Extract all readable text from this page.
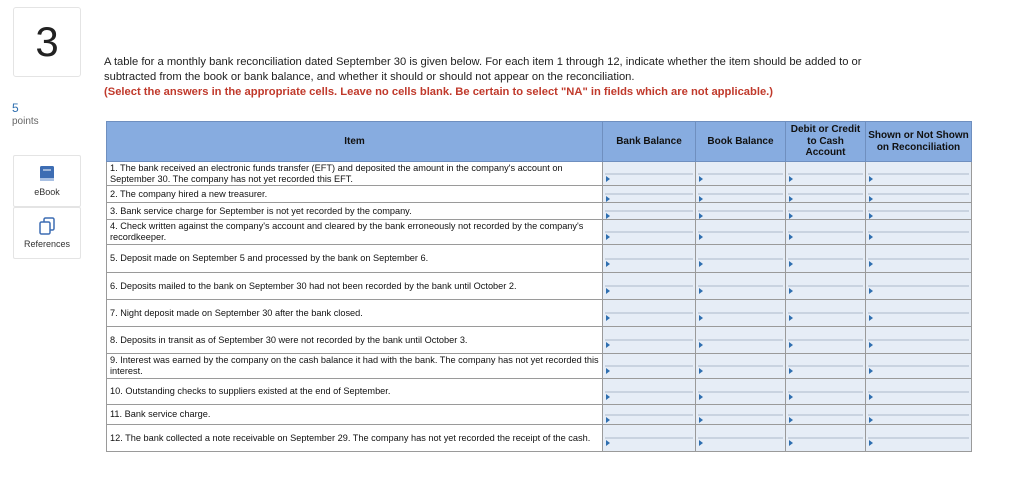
3
5
points
eBook
References
A table for a monthly bank reconciliation dated September 30 is given below. For each item 1 through 12, indicate whether the item should be added to or subtracted from the book or bank balance, and whether it should or should not appear on the reconciliation.
(Select the answers in the appropriate cells. Leave no cells blank. Be certain to select "NA" in fields which are not applicable.)
Item	Bank Balance	Book Balance	Debit or Credit to Cash Account	Shown or Not Shown on Reconciliation
1. The bank received an electronic funds transfer (EFT) and deposited the amount in the company's account on September 30. The company has not yet recorded this EFT.	

2. The company hired a new treasurer.	

3. Bank service charge for September is not yet recorded by the company.	

4. Check written against the company's account and cleared by the bank erroneously not recorded by the company's recordkeeper.	

5. Deposit made on September 5 and processed by the bank on September 6.	

6. Deposits mailed to the bank on September 30 had not been recorded by the bank until October 2.	

7. Night deposit made on September 30 after the bank closed.	

8. Deposits in transit as of September 30 were not recorded by the bank until October 3.	

9. Interest was earned by the company on the cash balance it had with the bank. The company has not yet recorded this interest.	

10. Outstanding checks to suppliers existed at the end of September.	

11. Bank service charge.	

12. The bank collected a note receivable on September 29. The company has not yet recorded the receipt of the cash.	
